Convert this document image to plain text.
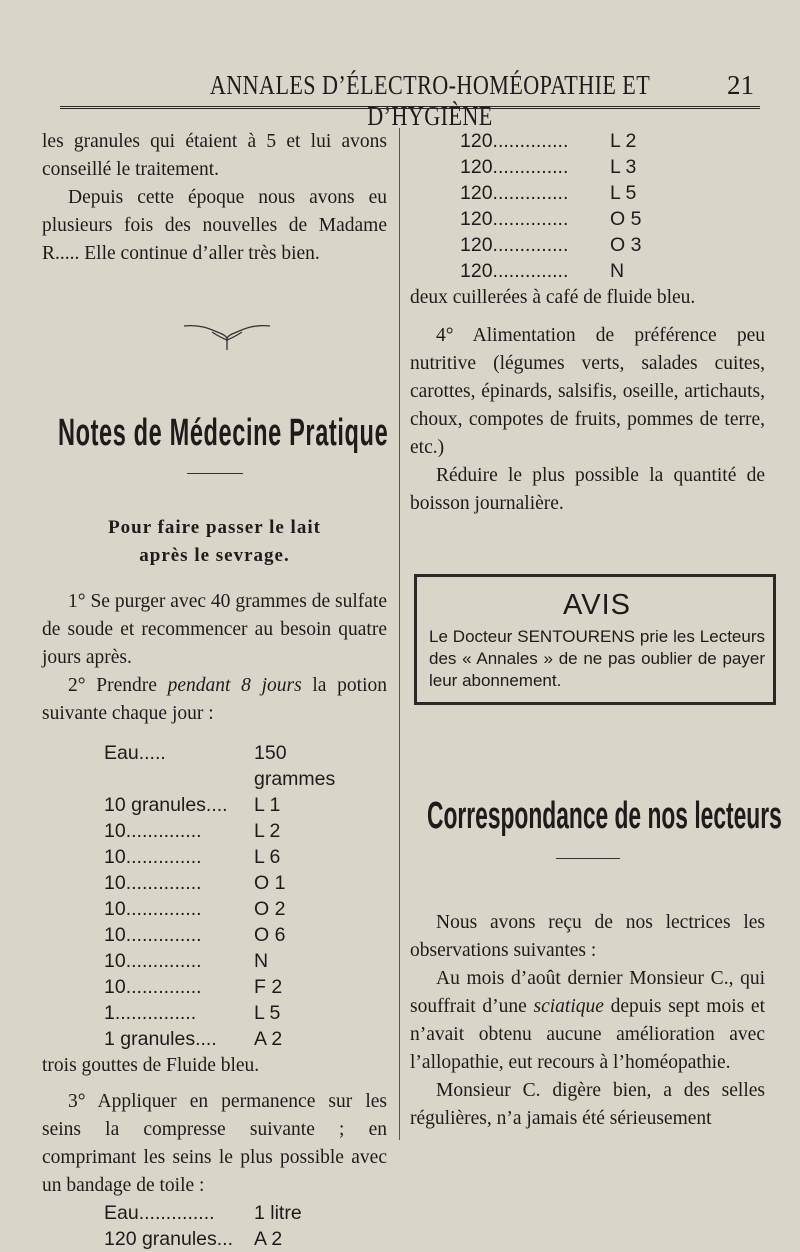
ANNALES D’ÉLECTRO-HOMÉOPATHIE ET D’HYGIÈNE
21

les granules qui étaient à 5 et lui avons conseillé le traitement.

Depuis cette époque nous avons eu plusieurs fois des nouvelles de Madame R..... Elle continue d’aller très bien.

Notes de Médecine Pratique
Pour faire passer le lait
après le sevrage.

1° Se purger avec 40 grammes de sulfate de soude et recommencer au besoin quatre jours après.

2° Prendre pendant 8 jours la potion suivante chaque jour :

Eau.....	150 grammes
10 granules....	L 1
10..............	L 2
10..............	L 6
10..............	O 1
10..............	O 2
10..............	O 6
10..............	N
10..............	F 2
1...............	L 5
1 granules....	A 2

trois gouttes de Fluide bleu.

3° Appliquer en permanence sur les seins la compresse suivante ; en comprimant les seins le plus possible avec un bandage de toile :

Eau..............	1 litre
120 granules...	A 2
120..............	L 2
120..............	L 3
120..............	L 5
120..............	O 5
120..............	O 3
120..............	N

deux cuillerées à café de fluide bleu.

4° Alimentation de préférence peu nutritive (légumes verts, salades cuites, carottes, épinards, salsifis, oseille, artichauts, choux, compotes de fruits, pommes de terre, etc.)

Réduire le plus possible la quantité de boisson journalière.

AVIS
Le Docteur SENTOURENS prie les Lecteurs des « Annales » de ne pas oublier de payer leur abonnement.
Correspondance de nos lecteurs

Nous avons reçu de nos lectrices les observations suivantes :

Au mois d’août dernier Monsieur C., qui souffrait d’une sciatique depuis sept mois et n’avait obtenu aucune amélioration avec l’allopathie, eut recours à l’homéopathie.

Monsieur C. digère bien, a des selles régulières, n’a jamais été sérieusement
